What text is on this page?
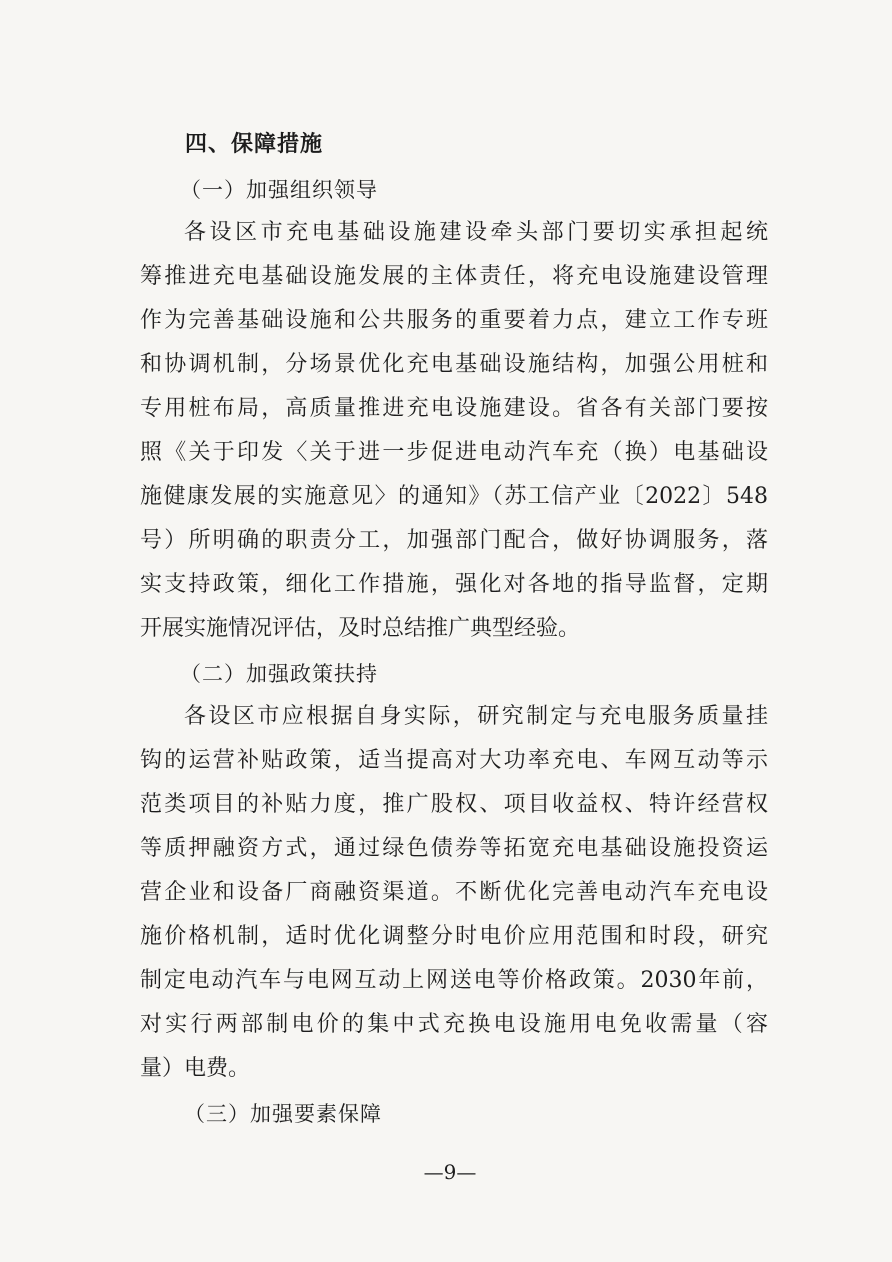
四、保障措施
（一）加强组织领导
各设区市充电基础设施建设牵头部门要切实承担起统
筹推进充电基础设施发展的主体责任，将充电设施建设管理
作为完善基础设施和公共服务的重要着力点，建立工作专班
和协调机制，分场景优化充电基础设施结构，加强公用桩和
专用桩布局，高质量推进充电设施建设。省各有关部门要按
照《关于印发〈关于进一步促进电动汽车充（换）电基础设
施健康发展的实施意见〉的通知》（苏工信产业〔2022〕548
号）所明确的职责分工，加强部门配合，做好协调服务，落
实支持政策，细化工作措施，强化对各地的指导监督，定期
开展实施情况评估，及时总结推广典型经验。
（二）加强政策扶持
各设区市应根据自身实际，研究制定与充电服务质量挂
钩的运营补贴政策，适当提高对大功率充电、车网互动等示
范类项目的补贴力度，推广股权、项目收益权、特许经营权
等质押融资方式，通过绿色债券等拓宽充电基础设施投资运
营企业和设备厂商融资渠道。不断优化完善电动汽车充电设
施价格机制，适时优化调整分时电价应用范围和时段，研究
制定电动汽车与电网互动上网送电等价格政策。2030年前，
对实行两部制电价的集中式充换电设施用电免收需量（容
量）电费。
（三）加强要素保障
—9—
